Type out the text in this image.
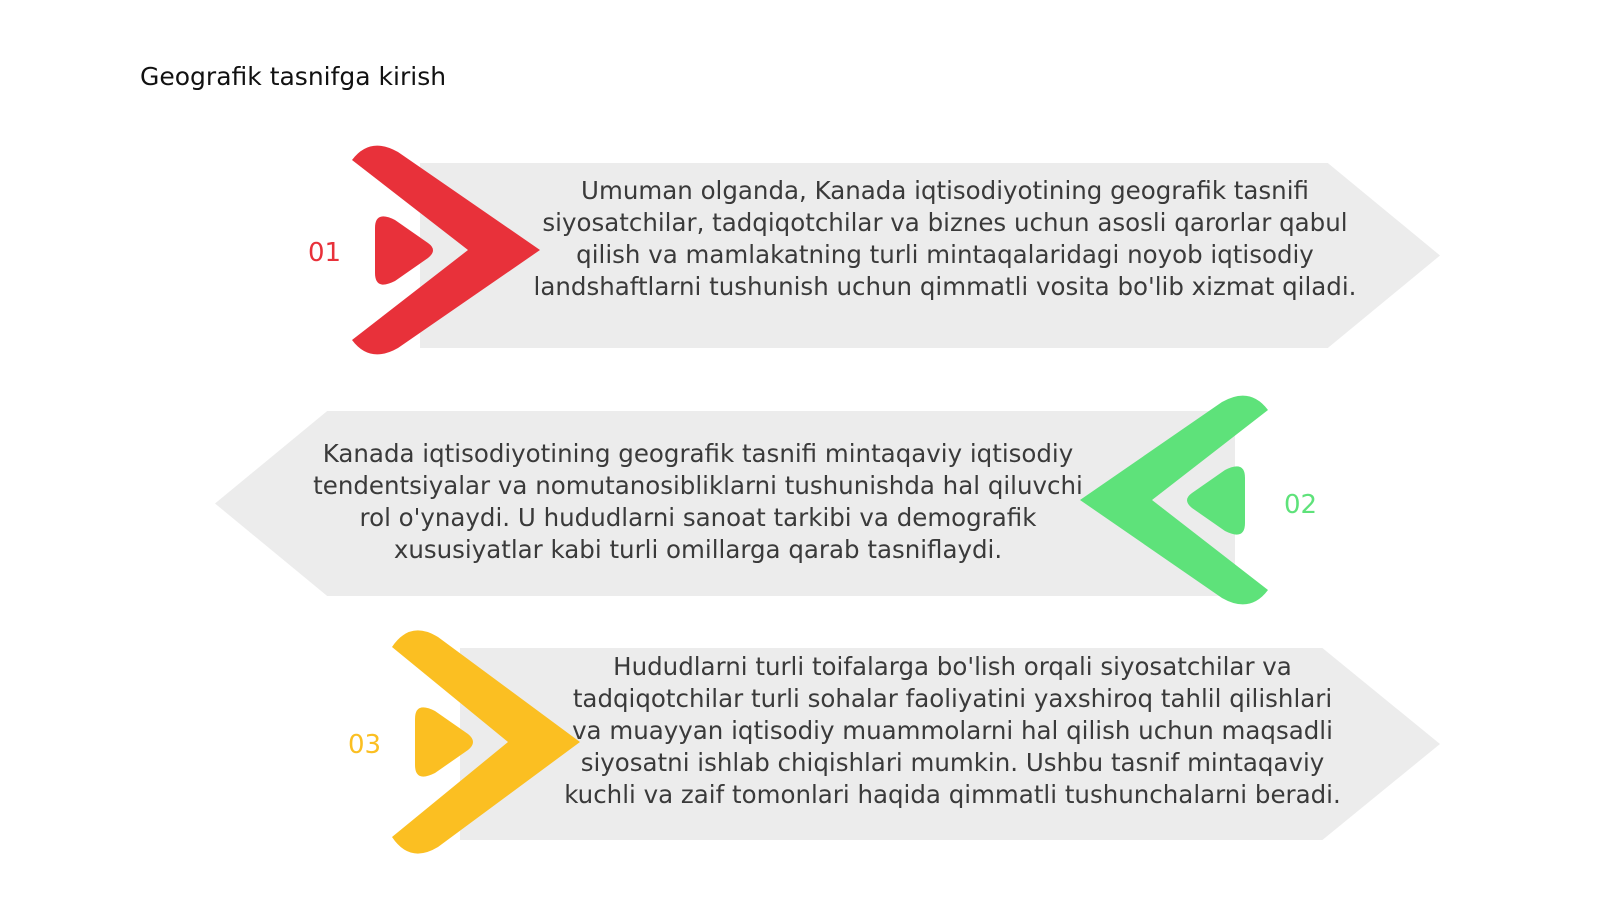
Geografik tasnifga kirish
Umuman olganda, Kanada iqtisodiyotining geografik tasnifi siyosatchilar, tadqiqotchilar va biznes uchun asosli qarorlar qabul qilish va mamlakatning turli mintaqalaridagi noyob iqtisodiy landshaftlarni tushunish uchun qimmatli vosita bo'lib xizmat qiladi.
01
Kanada iqtisodiyotining geografik tasnifi mintaqaviy iqtisodiy tendentsiyalar va nomutanosibliklarni tushunishda hal qiluvchi rol o'ynaydi. U hududlarni sanoat tarkibi va demografik xususiyatlar kabi turli omillarga qarab tasniflaydi.
02
Hududlarni turli toifalarga bo'lish orqali siyosatchilar va tadqiqotchilar turli sohalar faoliyatini yaxshiroq tahlil qilishlari va muayyan iqtisodiy muammolarni hal qilish uchun maqsadli siyosatni ishlab chiqishlari mumkin. Ushbu tasnif mintaqaviy kuchli va zaif tomonlari haqida qimmatli tushunchalarni beradi.
03
